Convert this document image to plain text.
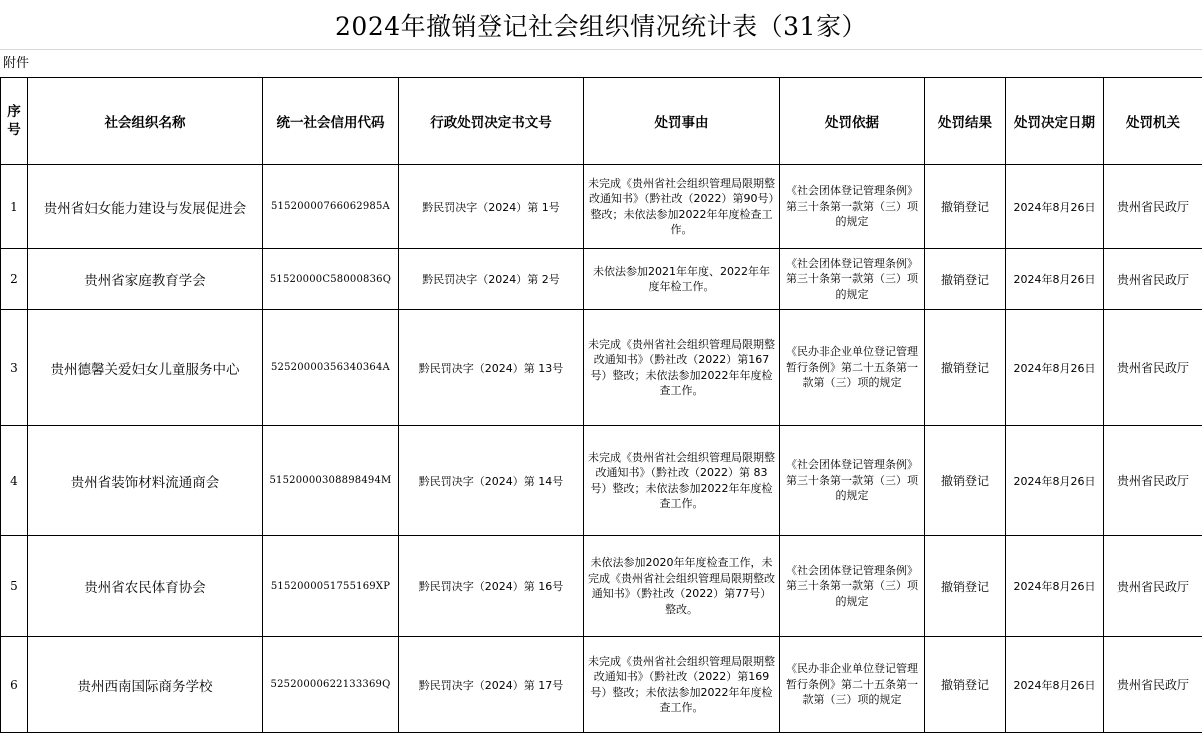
2024年撤销登记社会组织情况统计表（31家）
附件
序号	社会组织名称	统一社会信用代码	行政处罚决定书文号	处罚事由	处罚依据	处罚结果	处罚决定日期	处罚机关
1	贵州省妇女能力建设与发展促进会	51520000766062985A	黔民罚决字（2024）第 1号	未完成《贵州省社会组织管理局限期整改通知书》（黔社改（2022）第90号）整改；未依法参加2022年年度检查工作。	《社会团体登记管理条例》第三十条第一款第（三）项的规定	撤销登记	2024年8月26日	贵州省民政厅
2	贵州省家庭教育学会	51520000C58000836Q	黔民罚决字（2024）第 2号	未依法参加2021年年度、2022年年度年检工作。	《社会团体登记管理条例》第三十条第一款第（三）项的规定	撤销登记	2024年8月26日	贵州省民政厅
3	贵州德馨关爱妇女儿童服务中心	52520000356340364A	黔民罚决字（2024）第 13号	未完成《贵州省社会组织管理局限期整改通知书》（黔社改（2022）第167号）整改；未依法参加2022年年度检查工作。	《民办非企业单位登记管理暂行条例》第二十五条第一款第（三）项的规定	撤销登记	2024年8月26日	贵州省民政厅
4	贵州省装饰材料流通商会	5152000030889849​4M	黔民罚决字（2024）第 14号	未完成《贵州省社会组织管理局限期整改通知书》（黔社改（2022）第 83号）整改；未依法参加2022年年度检查工作。	《社会团体登记管理条例》第三十条第一款第（三）项的规定	撤销登记	2024年8月26日	贵州省民政厅
5	贵州省农民体育协会	515200005175516​9XP	黔民罚决字（2024）第 16号	未依法参加2020年年度检查工作，未完成《贵州省社会组织管理局限期整改通知书》（黔社改（2022）第77号）整改。	《社会团体登记管理条例》第三十条第一款第（三）项的规定	撤销登记	2024年8月26日	贵州省民政厅
6	贵州西南国际商务学校	52520000622133369Q	黔民罚决字（2024）第 17号	未完成《贵州省社会组织管理局限期整改通知书》（黔社改（2022）第169号）整改；未依法参加2022年年度检查工作。	《民办非企业单位登记管理暂行条例》第二十五条第一款第（三）项的规定	撤销登记	2024年8月26日	贵州省民政厅
